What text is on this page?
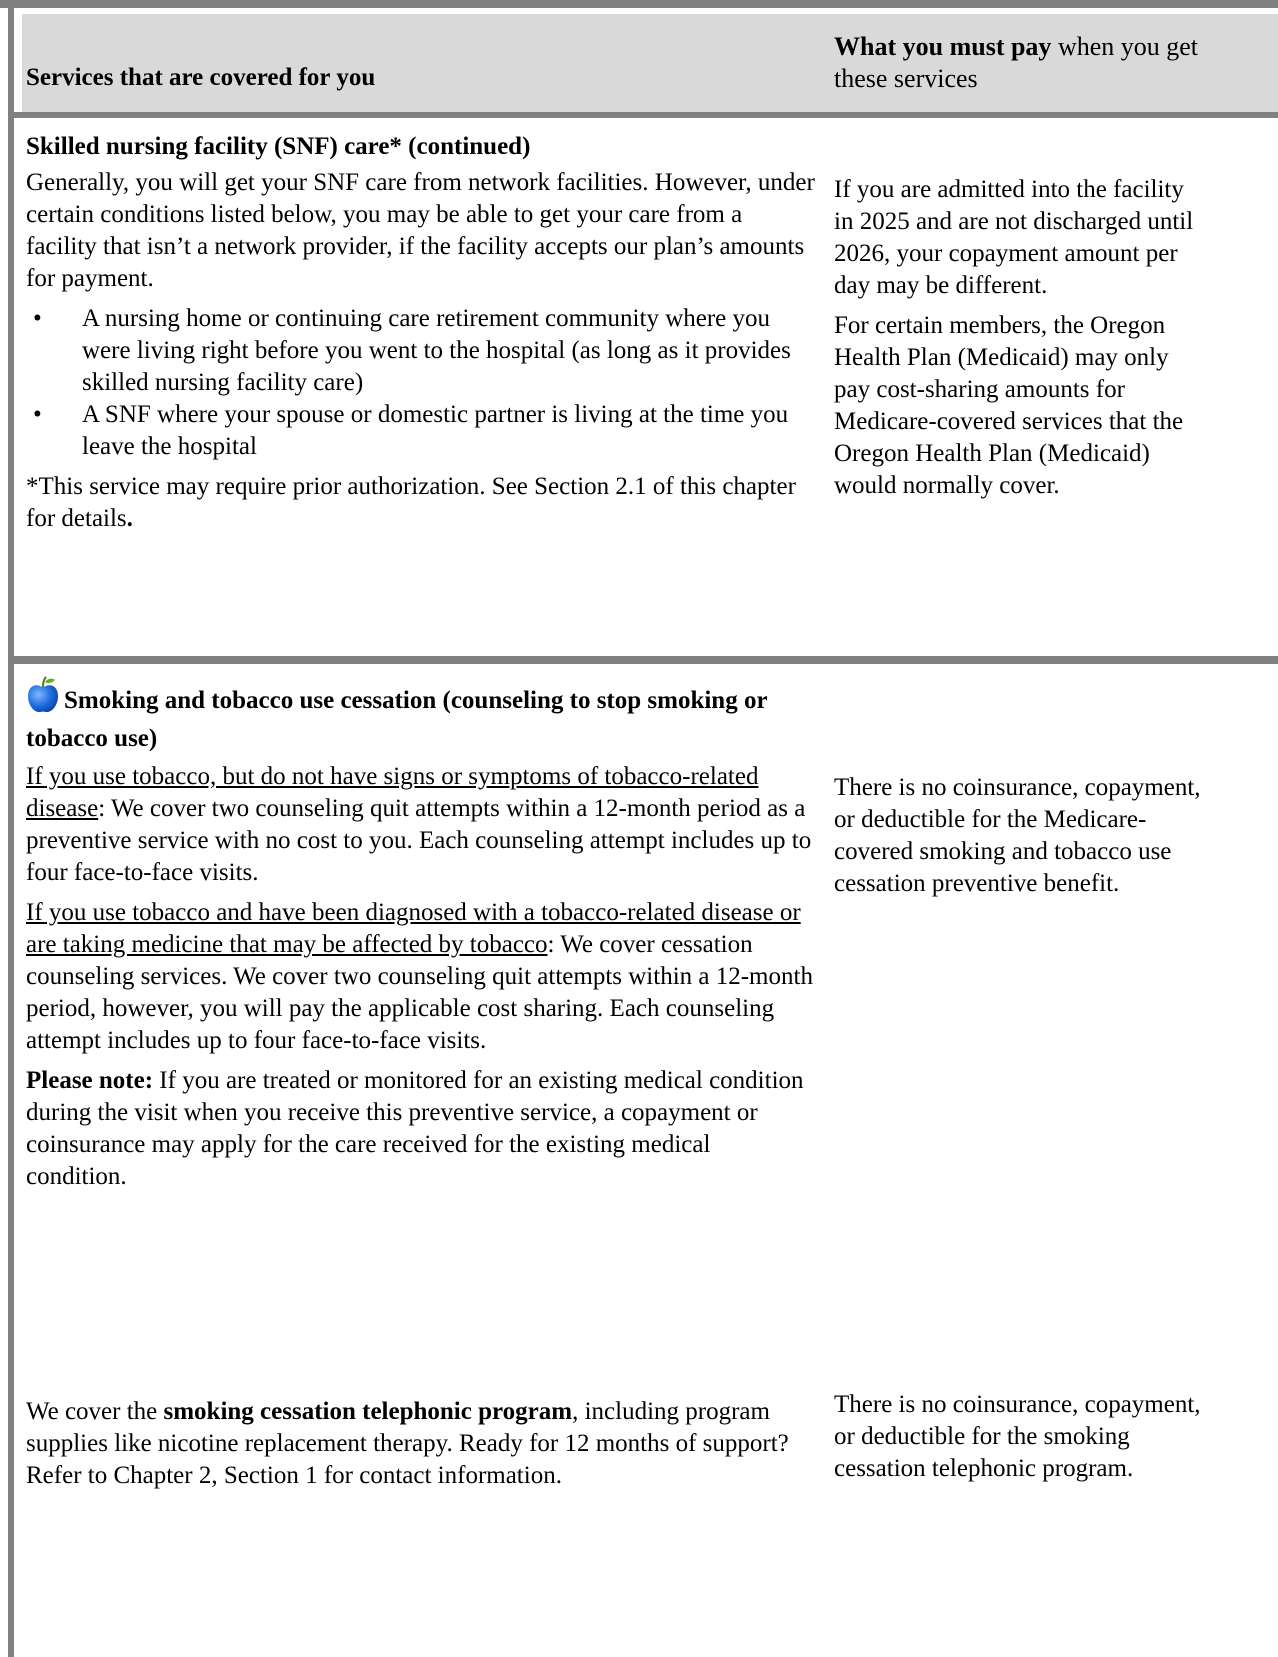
Services that are covered for you
What you must pay when you get these services

Skilled nursing facility (SNF) care* (continued)

Generally, you will get your SNF care from network facilities. However, under certain conditions listed below, you may be able to get your care from a facility that isn’t a network provider, if the facility accepts our plan’s amounts for payment.

• A nursing home or continuing care retirement community where you were living right before you went to the hospital (as long as it provides skilled nursing facility care)
• A SNF where your spouse or domestic partner is living at the time you leave the hospital

*This service may require prior authorization. See Section 2.1 of this chapter for details.

If you are admitted into the facility in 2025 and are not discharged until 2026, your copayment amount per day may be different.

For certain members, the Oregon Health Plan (Medicaid) may only pay cost-sharing amounts for Medicare-covered services that the Oregon Health Plan (Medicaid) would normally cover.

Smoking and tobacco use cessation (counseling to stop smoking or tobacco use)

If you use tobacco, but do not have signs or symptoms of tobacco-related disease: We cover two counseling quit attempts within a 12-month period as a preventive service with no cost to you. Each counseling attempt includes up to four face-to-face visits.

If you use tobacco and have been diagnosed with a tobacco-related disease or are taking medicine that may be affected by tobacco: We cover cessation counseling services. We cover two counseling quit attempts within a 12-month period, however, you will pay the applicable cost sharing. Each counseling attempt includes up to four face-to-face visits.

Please note: If you are treated or monitored for an existing medical condition during the visit when you receive this preventive service, a copayment or coinsurance may apply for the care received for the existing medical condition.

We cover the smoking cessation telephonic program, including program supplies like nicotine replacement therapy. Ready for 12 months of support? Refer to Chapter 2, Section 1 for contact information.

There is no coinsurance, copayment, or deductible for the Medicare-covered smoking and tobacco use cessation preventive benefit.

There is no coinsurance, copayment, or deductible for the smoking cessation telephonic program.
